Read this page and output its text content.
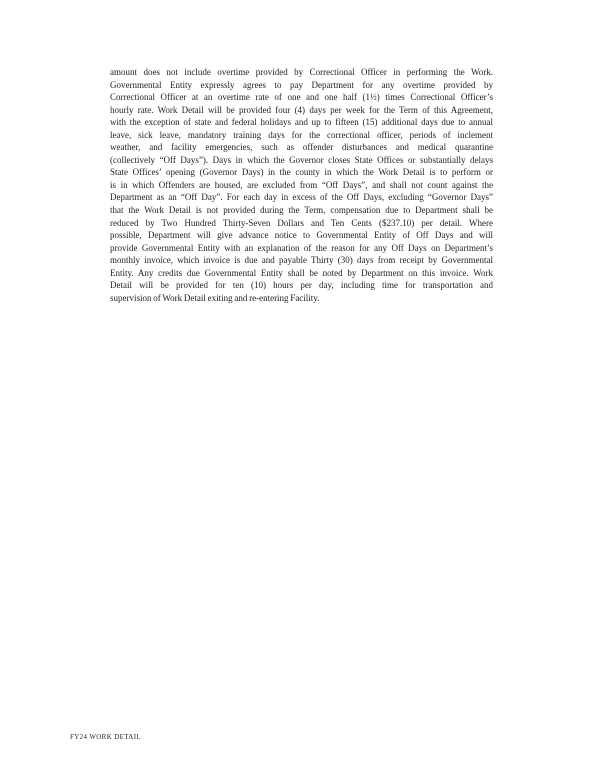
amount does not include overtime provided by Correctional Officer in performing the Work.
Governmental Entity expressly agrees to pay Department for any overtime provided by
Correctional Officer at an overtime rate of one and one half (1½) times Correctional Officer’s
hourly rate. Work Detail will be provided four (4) days per week for the Term of this Agreement,
with the exception of state and federal holidays and up to fifteen (15) additional days due to annual
leave, sick leave, mandatory training days for the correctional officer, periods of inclement
weather, and facility emergencies, such as offender disturbances and medical quarantine
(collectively “Off Days”). Days in which the Governor closes State Offices or substantially delays
State Offices’ opening (Governor Days) in the county in which the Work Detail is to perform or
is in which Offenders are housed, are excluded from “Off Days”, and shall not count against the
Department as an “Off Day”. For each day in excess of the Off Days, excluding “Governor Days”
that the Work Detail is not provided during the Term, compensation due to Department shall be
reduced by Two Hundred Thirty-Seven Dollars and Ten Cents ($237.10) per detail. Where
possible, Department will give advance notice to Governmental Entity of Off Days and will
provide Governmental Entity with an explanation of the reason for any Off Days on Department’s
monthly invoice, which invoice is due and payable Thirty (30) days from receipt by Governmental
Entity. Any credits due Governmental Entity shall be noted by Department on this invoice. Work
Detail will be provided for ten (10) hours per day, including time for transportation and
supervision of Work Detail exiting and re-entering Facility.
FY24 WORK DETAIL
